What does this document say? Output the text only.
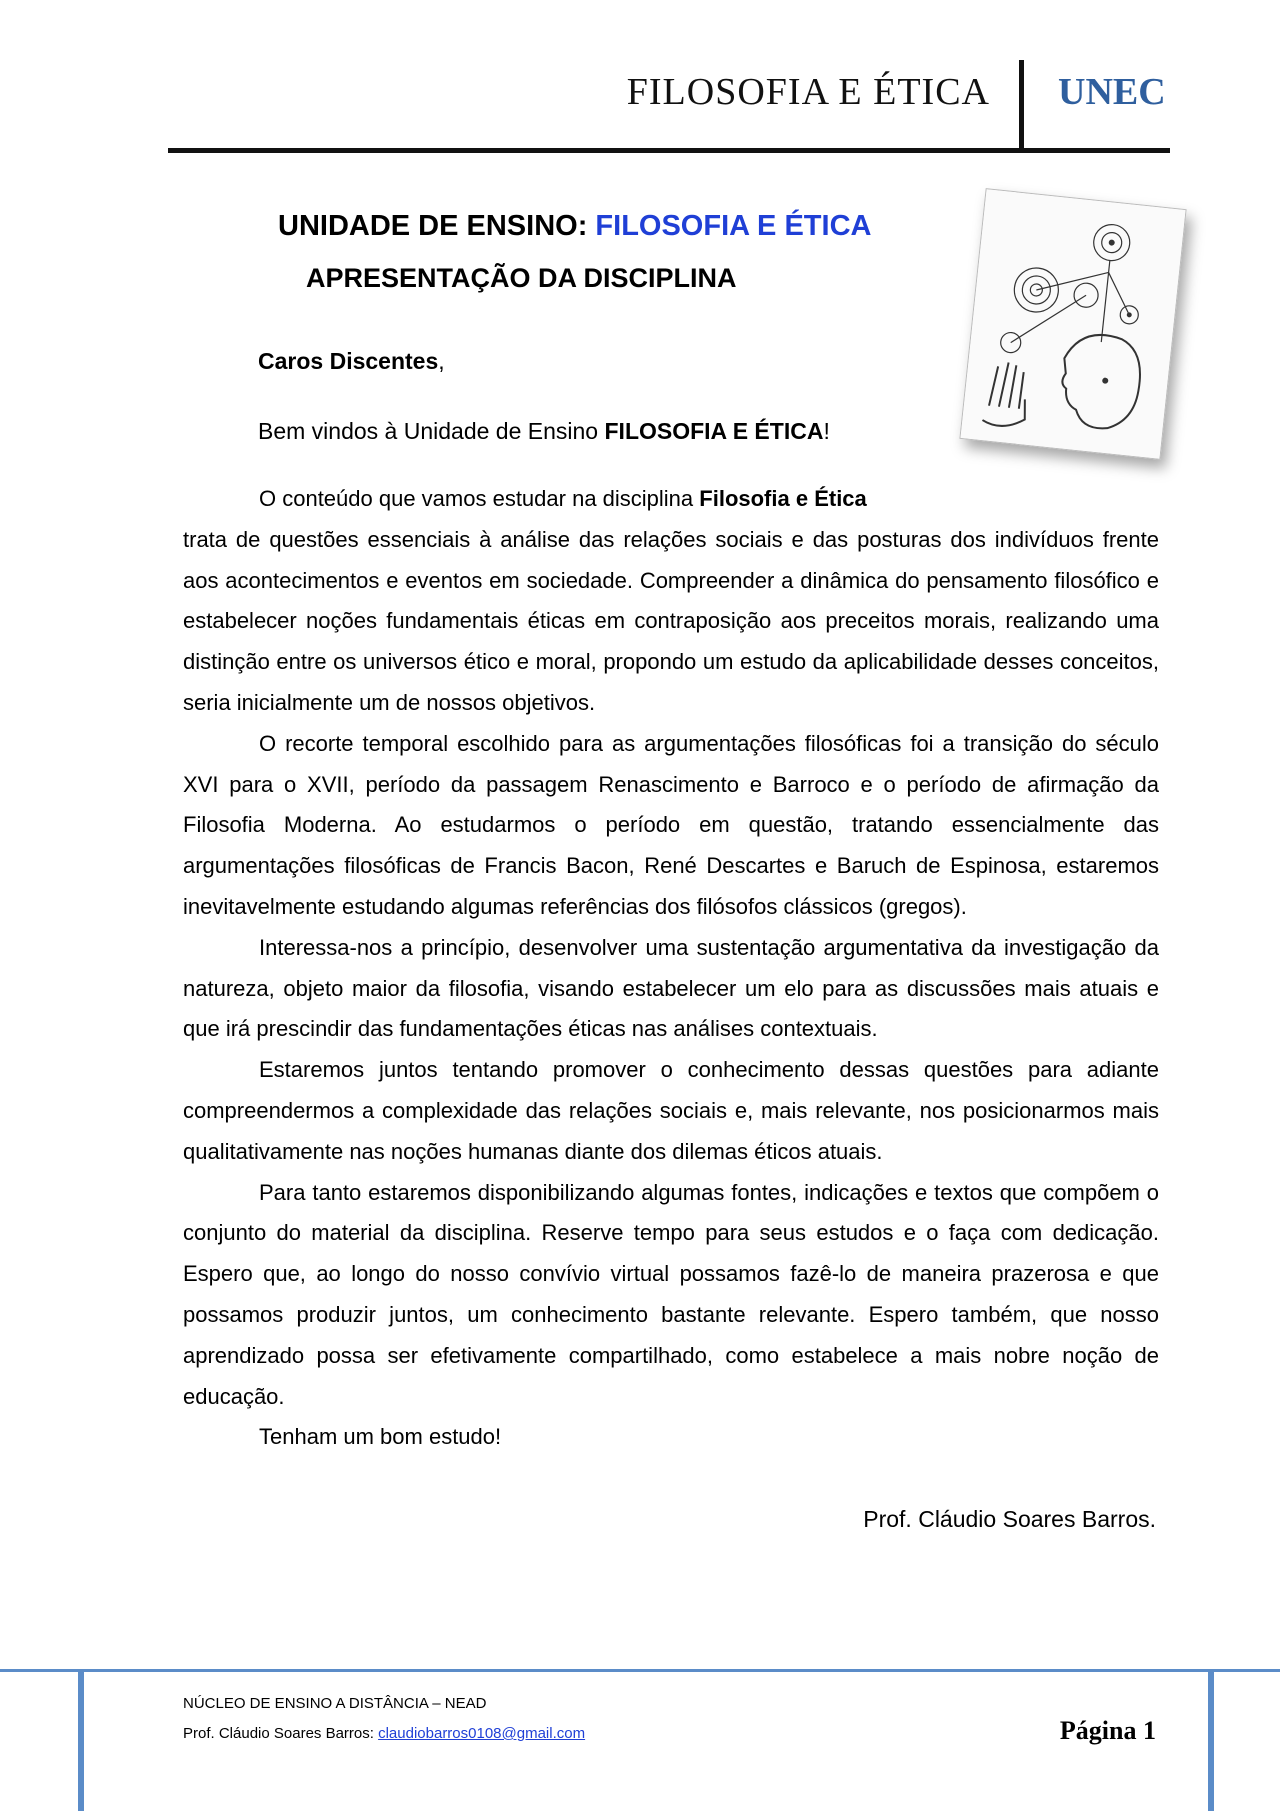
FILOSOFIA E ÉTICA UNEC
UNIDADE DE ENSINO: FILOSOFIA E ÉTICA
APRESENTAÇÃO DA DISCIPLINA
Caros Discentes,
Bem vindos à Unidade de Ensino FILOSOFIA E ÉTICA!
O conteúdo que vamos estudar na disciplina Filosofia e Ética
trata de questões essenciais à análise das relações sociais e das posturas dos indivíduos frente aos acontecimentos e eventos em sociedade. Compreender a dinâmica do pensamento filosófico e estabelecer noções fundamentais éticas em contraposição aos preceitos morais, realizando uma distinção entre os universos ético e moral, propondo um estudo da aplicabilidade desses conceitos, seria inicialmente um de nossos objetivos.

O recorte temporal escolhido para as argumentações filosóficas foi a transição do século XVI para o XVII, período da passagem Renascimento e Barroco e o período de afirmação da Filosofia Moderna. Ao estudarmos o período em questão, tratando essencialmente das argumentações filosóficas de Francis Bacon, René Descartes e Baruch de Espinosa, estaremos inevitavelmente estudando algumas referências dos filósofos clássicos (gregos).

Interessa-nos a princípio, desenvolver uma sustentação argumentativa da investigação da natureza, objeto maior da filosofia, visando estabelecer um elo para as discussões mais atuais e que irá prescindir das fundamentações éticas nas análises contextuais.

Estaremos juntos tentando promover o conhecimento dessas questões para adiante compreendermos a complexidade das relações sociais e, mais relevante, nos posicionarmos mais qualitativamente nas noções humanas diante dos dilemas éticos atuais.

Para tanto estaremos disponibilizando algumas fontes, indicações e textos que compõem o conjunto do material da disciplina. Reserve tempo para seus estudos e o faça com dedicação. Espero que, ao longo do nosso convívio virtual possamos fazê-lo de maneira prazerosa e que possamos produzir juntos, um conhecimento bastante relevante. Espero também, que nosso aprendizado possa ser efetivamente compartilhado, como estabelece a mais nobre noção de educação.

Tenham um bom estudo!

Prof. Cláudio Soares Barros.
NÚCLEO DE ENSINO A DISTÂNCIA – NEAD
Prof. Cláudio Soares Barros: claudiobarros0108@gmail.com	Página 1
